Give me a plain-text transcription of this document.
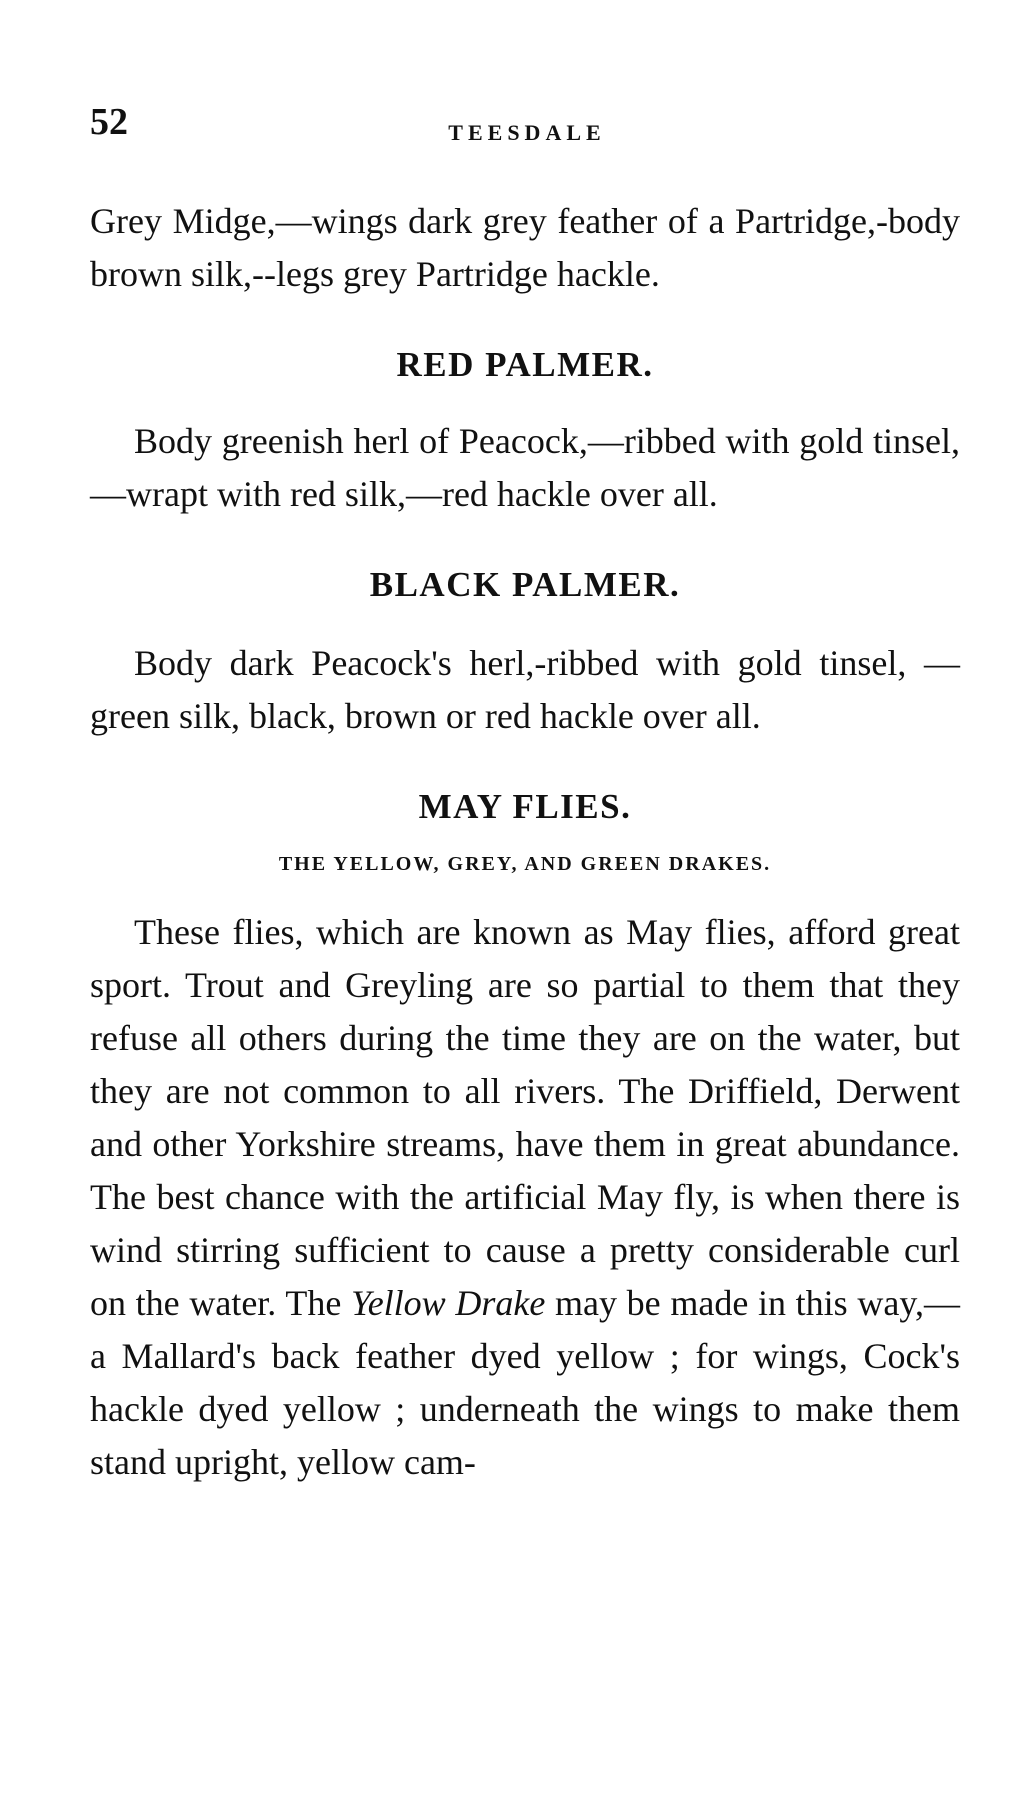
52	TEESDALE

Grey Midge,—wings dark grey feather of a Partridge,-body brown silk,--legs grey Partridge hackle.

RED PALMER.

Body greenish herl of Peacock,—ribbed with gold tinsel,—wrapt with red silk,—red hackle over all.

BLACK PALMER.

Body dark Peacock's herl,-ribbed with gold tinsel, —green silk, black, brown or red hackle over all.

MAY FLIES.
THE YELLOW, GREY, AND GREEN DRAKES.

These flies, which are known as May flies, afford great sport. Trout and Greyling are so partial to them that they refuse all others during the time they are on the water, but they are not common to all rivers. The Driffield, Derwent and other Yorkshire streams, have them in great abundance. The best chance with the artificial May fly, is when there is wind stirring sufficient to cause a pretty considerable curl on the water. The Yellow Drake may be made in this way,—a Mallard's back feather dyed yellow ; for wings, Cock's hackle dyed yellow ; underneath the wings to make them stand upright, yellow cam-
